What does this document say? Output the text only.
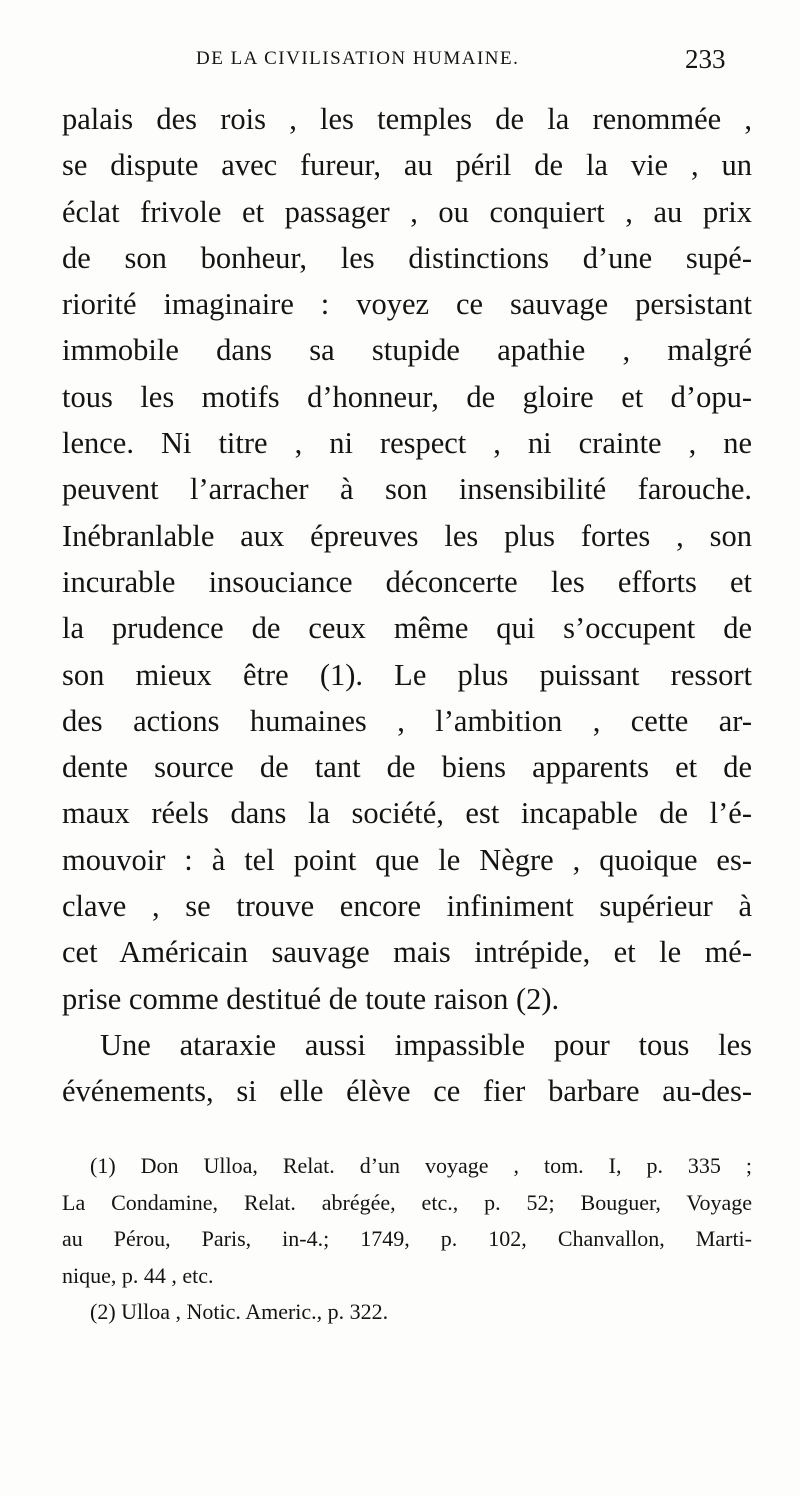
DE LA CIVILISATION HUMAINE.	233
palais des rois , les temples de la renommée ,
se dispute avec fureur, au péril de la vie , un
éclat frivole et passager , ou conquiert , au prix
de son bonheur, les distinctions d’une supé-
riorité imaginaire : voyez ce sauvage persistant
immobile dans sa stupide apathie , malgré
tous les motifs d’honneur, de gloire et d’opu-
lence. Ni titre , ni respect , ni crainte , ne
peuvent l’arracher à son insensibilité farouche.
Inébranlable aux épreuves les plus fortes , son
incurable insouciance déconcerte les efforts et
la prudence de ceux même qui s’occupent de
son mieux être (1). Le plus puissant ressort
des actions humaines , l’ambition , cette ar-
dente source de tant de biens apparents et de
maux réels dans la société, est incapable de l’é-
mouvoir : à tel point que le Nègre , quoique es-
clave , se trouve encore infiniment supérieur à
cet Américain sauvage mais intrépide, et le mé-
prise comme destitué de toute raison (2).
Une ataraxie aussi impassible pour tous les
événements, si elle élève ce fier barbare au-des-
(1) Don Ulloa, Relat. d’un voyage , tom. I, p. 335 ;
La Condamine, Relat. abrégée, etc., p. 52; Bouguer, Voyage
au Pérou, Paris, in-4.; 1749, p. 102, Chanvallon, Marti-
nique, p. 44 , etc.
(2) Ulloa , Notic. Americ., p. 322.
